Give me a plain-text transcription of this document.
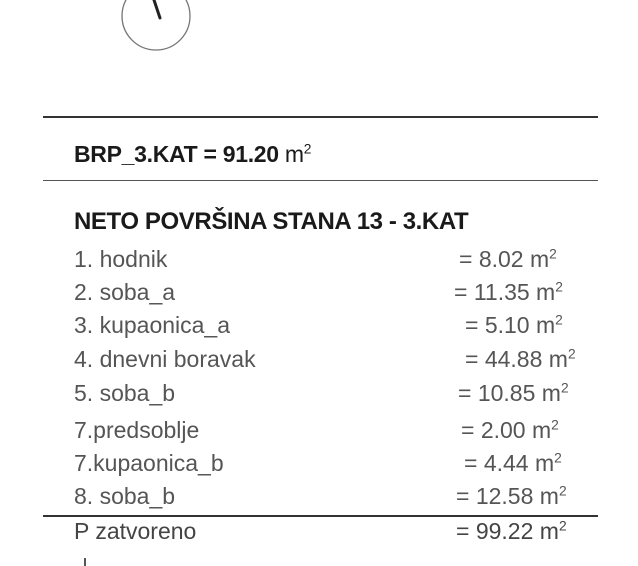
BRP_3.KAT = 91.20 $m^2$
NETO POVRŠINA STANA 13 - 3.KAT
1. hodnik	= 8.02 $m^2$
2. soba_a	= 11.35 $m^2$
3. kupaonica_a	= 5.10 $m^2$
4. dnevni boravak	= 44.88 $m^2$
5. soba_b	= 10.85 $m^2$
7.predsoblje	= 2.00 $m^2$
7.kupaonica_b	= 4.44 $m^2$
8. soba_b	= 12.58 $m^2$
P zatvoreno	= 99.22 $m^2$
